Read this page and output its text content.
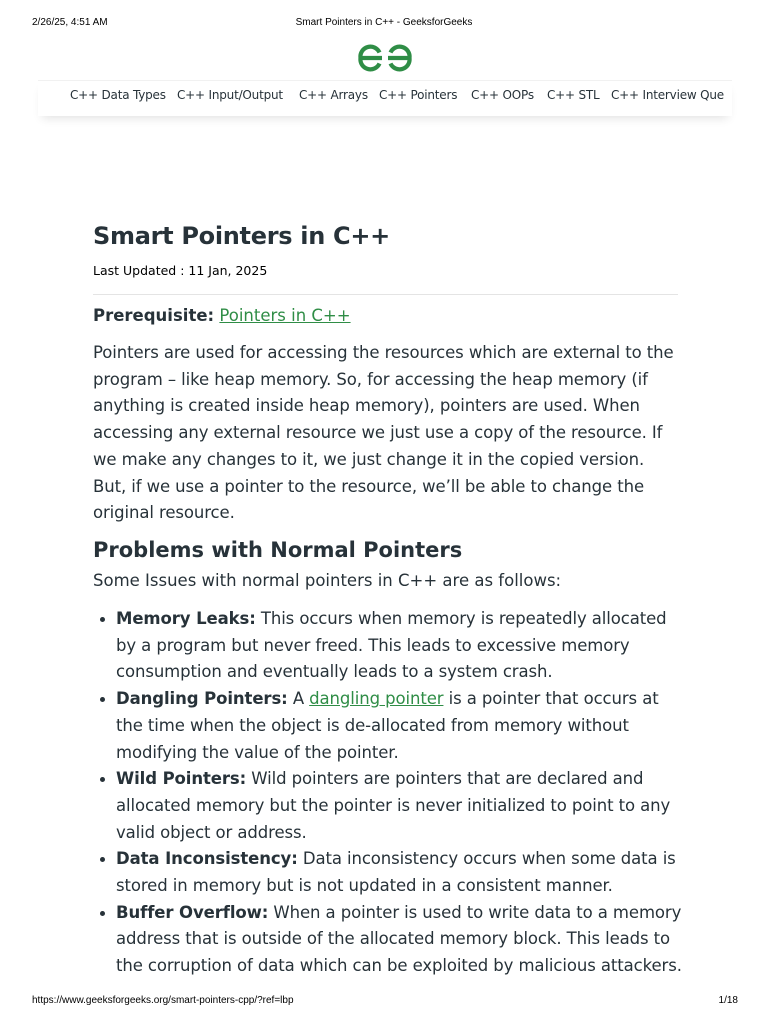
2/26/25, 4:51 AM	Smart Pointers in C++ - GeeksforGeeks
C++ Data Types C++ Input/Output C++ Arrays C++ Pointers C++ OOPs C++ STL C++ Interview Que
Smart Pointers in C++
Last Updated : 11 Jan, 2025
Prerequisite: Pointers in C++

Pointers are used for accessing the resources which are external to the program – like heap memory. So, for accessing the heap memory (if anything is created inside heap memory), pointers are used. When accessing any external resource we just use a copy of the resource. If we make any changes to it, we just change it in the copied version. But, if we use a pointer to the resource, we’ll be able to change the original resource.

Problems with Normal Pointers

Some Issues with normal pointers in C++ are as follows:

Memory Leaks: This occurs when memory is repeatedly allocated by a program but never freed. This leads to excessive memory consumption and eventually leads to a system crash.
Dangling Pointers: A dangling pointer is a pointer that occurs at the time when the object is de-allocated from memory without modifying the value of the pointer.
Wild Pointers: Wild pointers are pointers that are declared and allocated memory but the pointer is never initialized to point to any valid object or address.
Data Inconsistency: Data inconsistency occurs when some data is stored in memory but is not updated in a consistent manner.
Buffer Overflow: When a pointer is used to write data to a memory address that is outside of the allocated memory block. This leads to the corruption of data which can be exploited by malicious attackers.
https://www.geeksforgeeks.org/smart-pointers-cpp/?ref=lbp	1/18
